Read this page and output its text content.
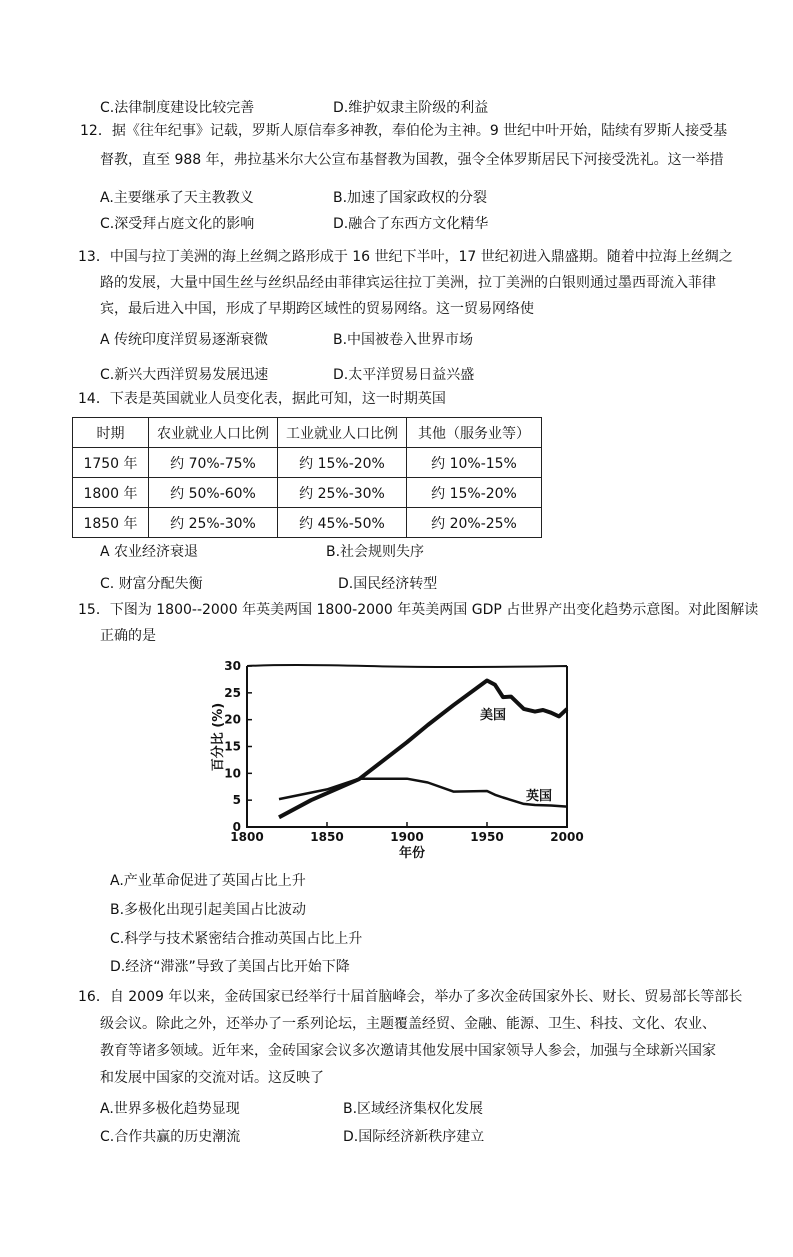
C.法律制度建设比较完善	D.维护奴隶主阶级的利益
12．据《往年纪事》记载，罗斯人原信奉多神教，奉伯伦为主神。9 世纪中叶开始，陆续有罗斯人接受基
督教，直至 988 年，弗拉基米尔大公宣布基督教为国教，强令全体罗斯居民下河接受洗礼。这一举措
A.主要继承了天主教教义	B.加速了国家政权的分裂
C.深受拜占庭文化的影响	D.融合了东西方文化精华
13．中国与拉丁美洲的海上丝绸之路形成于 16 世纪下半叶，17 世纪初进入鼎盛期。随着中拉海上丝绸之
路的发展，大量中国生丝与丝织品经由菲律宾运往拉丁美洲，拉丁美洲的白银则通过墨西哥流入菲律
宾，最后进入中国，形成了早期跨区域性的贸易网络。这一贸易网络使
A 传统印度洋贸易逐渐衰微	B.中国被卷入世界市场
C.新兴大西洋贸易发展迅速	D.太平洋贸易日益兴盛
14．下表是英国就业人员变化表，据此可知，这一时期英国
时期	农业就业人口比例	工业就业人口比例	其他（服务业等）
1750 年	约 70%-75%	约 15%-20%	约 10%-15%
1800 年	约 50%-60%	约 25%-30%	约 15%-20%
1850 年	约 25%-30%	约 45%-50%	约 20%-25%
A 农业经济衰退	B.社会规则失序
C. 财富分配失衡	D.国民经济转型
15．下图为 1800--2000 年英美两国 1800-2000 年英美两国 GDP 占世界产出变化趋势示意图。对此图解读
正确的是
0
5
10
15
20
25
30
1800	1850	1900	1950	2000
百分比 (%)
年份
美国
英国
A.产业革命促进了英国占比上升
B.多极化出现引起美国占比波动
C.科学与技术紧密结合推动英国占比上升
D.经济“滞涨”导致了美国占比开始下降
16．自 2009 年以来，金砖国家已经举行十届首脑峰会，举办了多次金砖国家外长、财长、贸易部长等部长
级会议。除此之外，还举办了一系列论坛，主题覆盖经贸、金融、能源、卫生、科技、文化、农业、
教育等诸多领域。近年来，金砖国家会议多次邀请其他发展中国家领导人参会，加强与全球新兴国家
和发展中国家的交流对话。这反映了
A.世界多极化趋势显现	B.区域经济集权化发展
C.合作共赢的历史潮流	D.国际经济新秩序建立
